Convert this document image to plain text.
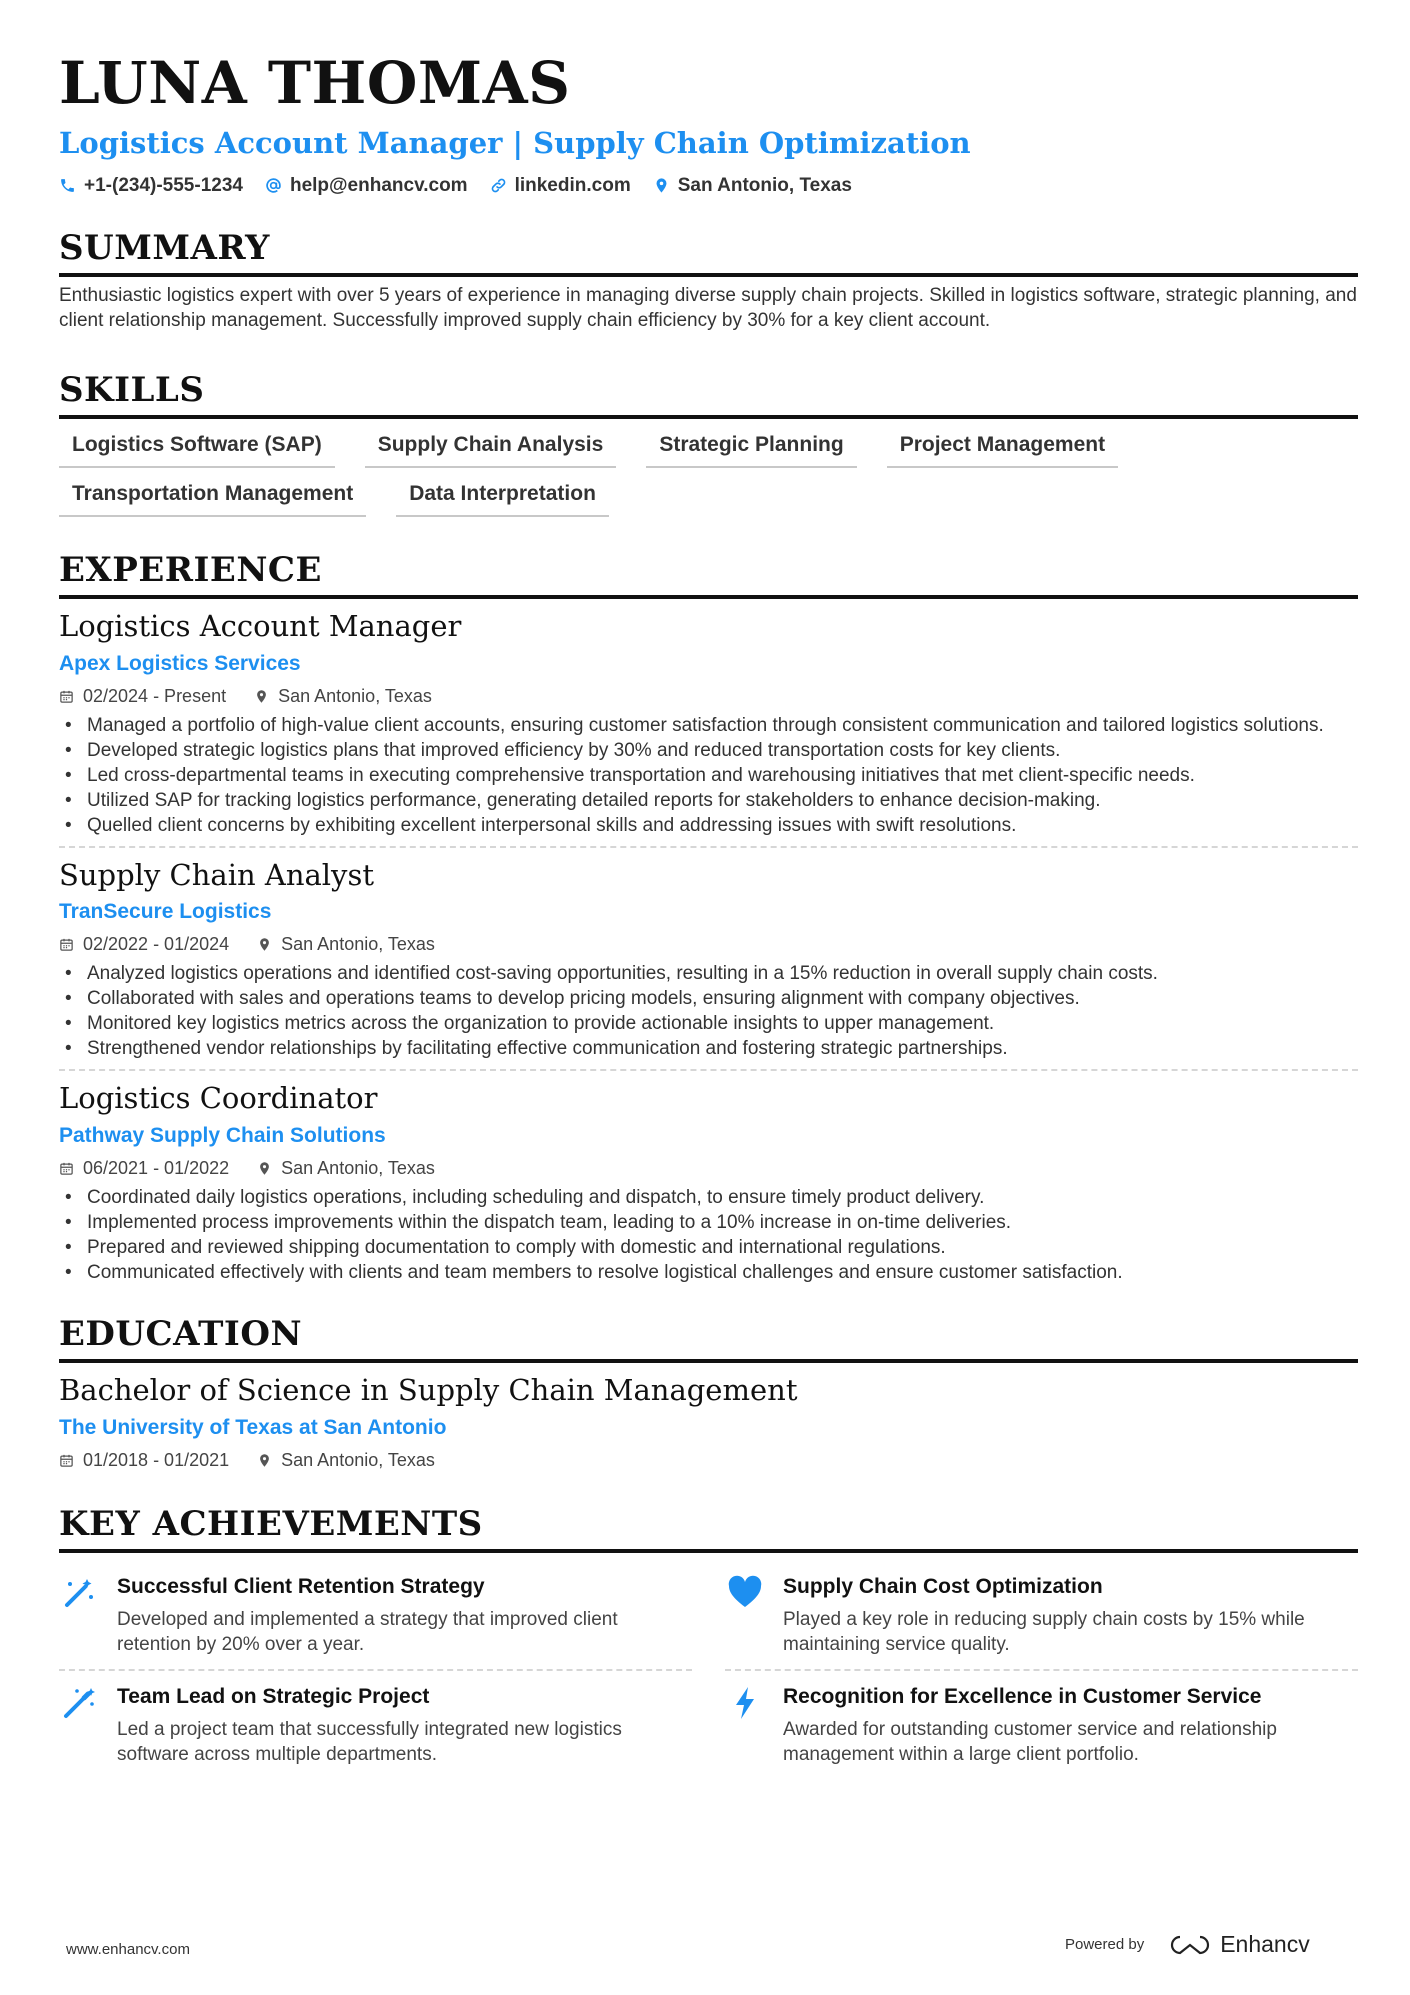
LUNA THOMAS
Logistics Account Manager | Supply Chain Optimization
+1-(234)-555-1234 help@enhancv.com linkedin.com San Antonio, Texas
SUMMARY
Enthusiastic logistics expert with over 5 years of experience in managing diverse supply chain projects. Skilled in logistics software, strategic planning, and client relationship management. Successfully improved supply chain efficiency by 30% for a key client account.
SKILLS
Logistics Software (SAP)	Supply Chain Analysis	Strategic Planning	Project Management
Transportation Management	Data Interpretation
EXPERIENCE
Logistics Account Manager
Apex Logistics Services
02/2024 - Present	San Antonio, Texas
• Managed a portfolio of high-value client accounts, ensuring customer satisfaction through consistent communication and tailored logistics solutions.
• Developed strategic logistics plans that improved efficiency by 30% and reduced transportation costs for key clients.
• Led cross-departmental teams in executing comprehensive transportation and warehousing initiatives that met client-specific needs.
• Utilized SAP for tracking logistics performance, generating detailed reports for stakeholders to enhance decision-making.
• Quelled client concerns by exhibiting excellent interpersonal skills and addressing issues with swift resolutions.
Supply Chain Analyst
TranSecure Logistics
02/2022 - 01/2024	San Antonio, Texas
• Analyzed logistics operations and identified cost-saving opportunities, resulting in a 15% reduction in overall supply chain costs.
• Collaborated with sales and operations teams to develop pricing models, ensuring alignment with company objectives.
• Monitored key logistics metrics across the organization to provide actionable insights to upper management.
• Strengthened vendor relationships by facilitating effective communication and fostering strategic partnerships.
Logistics Coordinator
Pathway Supply Chain Solutions
06/2021 - 01/2022	San Antonio, Texas
• Coordinated daily logistics operations, including scheduling and dispatch, to ensure timely product delivery.
• Implemented process improvements within the dispatch team, leading to a 10% increase in on-time deliveries.
• Prepared and reviewed shipping documentation to comply with domestic and international regulations.
• Communicated effectively with clients and team members to resolve logistical challenges and ensure customer satisfaction.
EDUCATION
Bachelor of Science in Supply Chain Management
The University of Texas at San Antonio
01/2018 - 01/2021	San Antonio, Texas
KEY ACHIEVEMENTS
Successful Client Retention Strategy
Developed and implemented a strategy that improved client retention by 20% over a year.
Supply Chain Cost Optimization
Played a key role in reducing supply chain costs by 15% while maintaining service quality.
Team Lead on Strategic Project
Led a project team that successfully integrated new logistics software across multiple departments.
Recognition for Excellence in Customer Service
Awarded for outstanding customer service and relationship management within a large client portfolio.
www.enhancv.com	Powered by	Enhancv
